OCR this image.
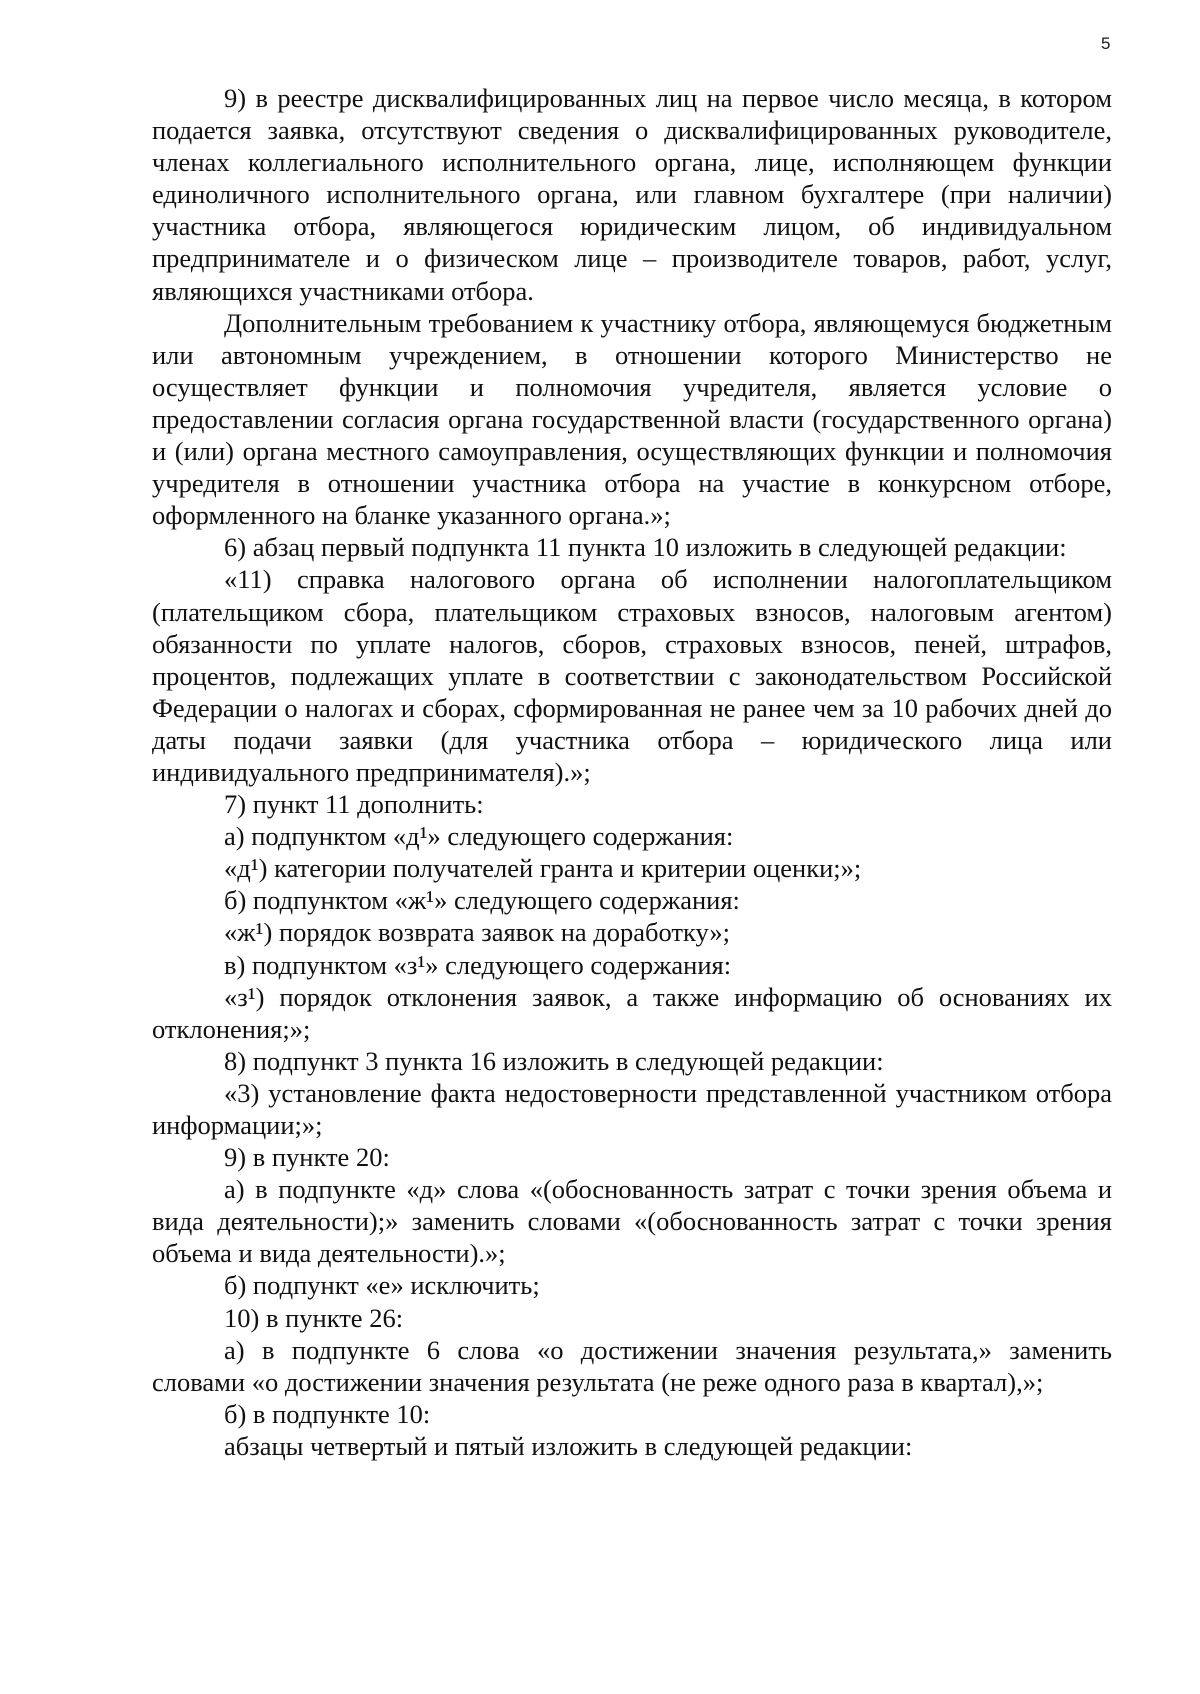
5

9) в реестре дисквалифицированных лиц на первое число месяца, в котором подается заявка, отсутствуют сведения о дисквалифицированных руководителе, членах коллегиального исполнительного органа, лице, исполняющем функции единоличного исполнительного органа, или главном бухгалтере (при наличии) участника отбора, являющегося юридическим лицом, об индивидуальном предпринимателе и о физическом лице – производителе товаров, работ, услуг, являющихся участниками отбора.

Дополнительным требованием к участнику отбора, являющемуся бюджетным или автономным учреждением, в отношении которого Министерство не осуществляет функции и полномочия учредителя, является условие о предоставлении согласия органа государственной власти (государственного органа) и (или) органа местного самоуправления, осуществляющих функции и полномочия учредителя в отношении участника отбора на участие в конкурсном отборе, оформленного на бланке указанного органа.»;

6) абзац первый подпункта 11 пункта 10 изложить в следующей редакции:

«11) справка налогового органа об исполнении налогоплательщиком (плательщиком сбора, плательщиком страховых взносов, налоговым агентом) обязанности по уплате налогов, сборов, страховых взносов, пеней, штрафов, процентов, подлежащих уплате в соответствии с законодательством Российской Федерации о налогах и сборах, сформированная не ранее чем за 10 рабочих дней до даты подачи заявки (для участника отбора – юридического лица или индивидуального предпринимателя).»;

7) пункт 11 дополнить:

а) подпунктом «д¹» следующего содержания:

«д¹) категории получателей гранта и критерии оценки;»;

б) подпунктом «ж¹» следующего содержания:

«ж¹) порядок возврата заявок на доработку»;

в) подпунктом «з¹» следующего содержания:

«з¹) порядок отклонения заявок, а также информацию об основаниях их отклонения;»;

8) подпункт 3 пункта 16 изложить в следующей редакции:

«3) установление факта недостоверности представленной участником отбора информации;»;

9) в пункте 20:

а) в подпункте «д» слова «(обоснованность затрат с точки зрения объема и вида деятельности);» заменить словами «(обоснованность затрат с точки зрения объема и вида деятельности).»;

б) подпункт «е» исключить;

10) в пункте 26:

а) в подпункте 6 слова «о достижении значения результата,» заменить словами «о достижении значения результата (не реже одного раза в квартал),»;

б) в подпункте 10:

абзацы четвертый и пятый изложить в следующей редакции:
